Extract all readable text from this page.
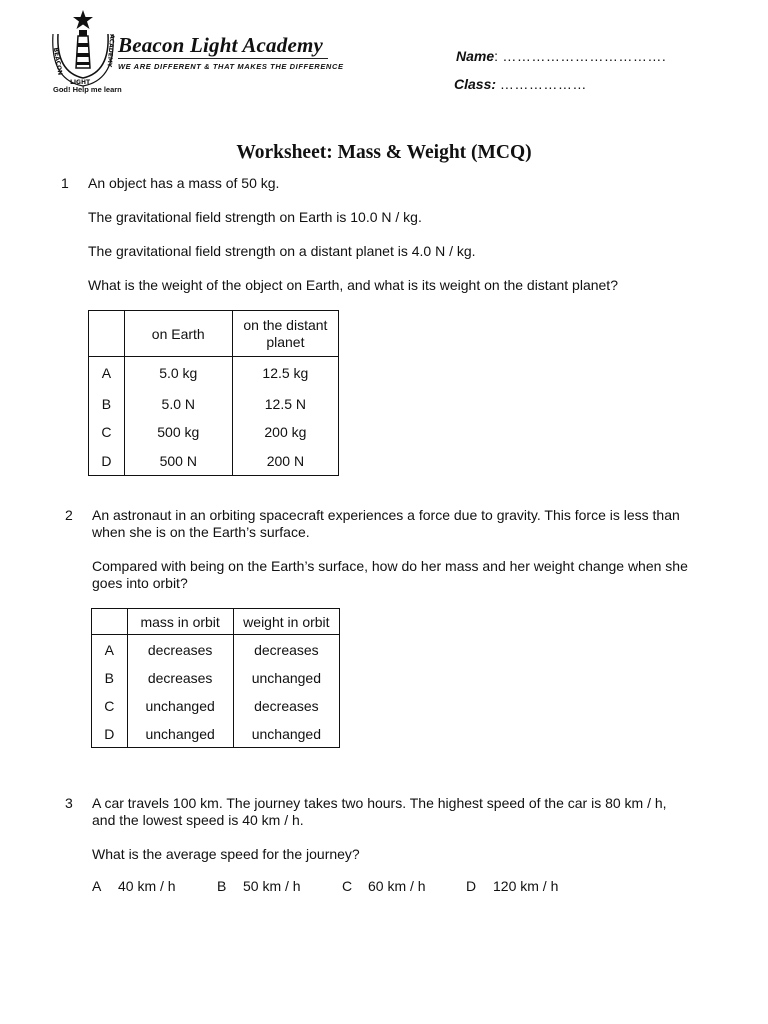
BEACON	ACADEMY
LIGHT
Beacon Light Academy
WE ARE DIFFERENT & THAT MAKES THE DIFFERENCE
God! Help me learn
Name: …………………………….
Class: ………………
Worksheet: Mass & Weight (MCQ)
1 An object has a mass of 50 kg.
The gravitational field strength on Earth is 10.0 N / kg.
The gravitational field strength on a distant planet is 4.0 N / kg.
What is the weight of the object on Earth, and what is its weight on the distant planet?
	on Earth	on the distant planet
A	5.0 kg	12.5 kg
B	5.0 N	12.5 N
C	500 kg	200 kg
D	500 N	200 N
2 An astronaut in an orbiting spacecraft experiences a force due to gravity. This force is less than when she is on the Earth’s surface.
Compared with being on the Earth’s surface, how do her mass and her weight change when she goes into orbit?
	mass in orbit	weight in orbit
A	decreases	decreases
B	decreases	unchanged
C	unchanged	decreases
D	unchanged	unchanged
3 A car travels 100 km. The journey takes two hours. The highest speed of the car is 80 km / h, and the lowest speed is 40 km / h.
What is the average speed for the journey?
A 40 km / h	B 50 km / h	C 60 km / h	D 120 km / h
